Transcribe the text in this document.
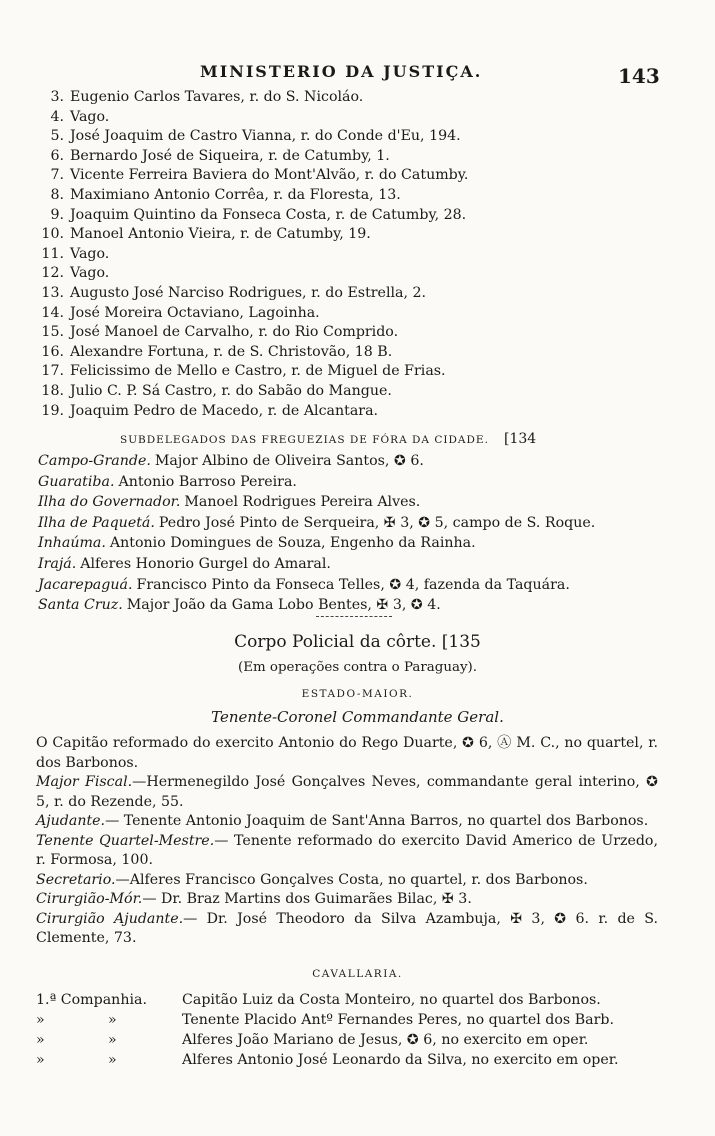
MINISTERIO DA JUSTIÇA.	143
3. Eugenio Carlos Tavares, r. do S. Nicoláo.
4. Vago.
5. José Joaquim de Castro Vianna, r. do Conde d'Eu, 194.
6. Bernardo José de Siqueira, r. de Catumby, 1.
7. Vicente Ferreira Baviera do Mont'Alvão, r. do Catumby.
8. Maximiano Antonio Corrêa, r. da Floresta, 13.
9. Joaquim Quintino da Fonseca Costa, r. de Catumby, 28.
10. Manoel Antonio Vieira, r. de Catumby, 19.
11. Vago.
12. Vago.
13. Augusto José Narciso Rodrigues, r. do Estrella, 2.
14. José Moreira Octaviano, Lagoinha.
15. José Manoel de Carvalho, r. do Rio Comprido.
16. Alexandre Fortuna, r. de S. Christovão, 18 B.
17. Felicissimo de Mello e Castro, r. de Miguel de Frias.
18. Julio C. P. Sá Castro, r. do Sabão do Mangue.
19. Joaquim Pedro de Macedo, r. de Alcantara.
SUBDELEGADOS DAS FREGUEZIAS DE FÓRA DA CIDADE. [134
Campo-Grande. Major Albino de Oliveira Santos, ✪ 6.
Guaratiba. Antonio Barroso Pereira.
Ilha do Governador. Manoel Rodrigues Pereira Alves.
Ilha de Paquetá. Pedro José Pinto de Serqueira, ✠ 3, ✪ 5, campo de S. Roque.
Inhaúma. Antonio Domingues de Souza, Engenho da Rainha.
Irajá. Alferes Honorio Gurgel do Amaral.
Jacarepaguá. Francisco Pinto da Fonseca Telles, ✪ 4, fazenda da Taquára.
Santa Cruz. Major João da Gama Lobo Bentes, ✠ 3, ✪ 4.
Corpo Policial da côrte. [135
(Em operações contra o Paraguay).
ESTADO-MAIOR.
Tenente-Coronel Commandante Geral.

O Capitão reformado do exercito Antonio do Rego Duarte, ✪ 6, Ⓐ M. C., no quartel, r. dos Barbonos.

Major Fiscal.—Hermenegildo José Gonçalves Neves, commandante geral interino, ✪ 5, r. do Rezende, 55.

Ajudante.— Tenente Antonio Joaquim de Sant'Anna Barros, no quartel dos Barbonos.

Tenente Quartel-Mestre.— Tenente reformado do exercito David Americo de Urzedo, r. Formosa, 100.

Secretario.—Alferes Francisco Gonçalves Costa, no quartel, r. dos Barbonos.

Cirurgião-Mór.— Dr. Braz Martins dos Guimarães Bilac, ✠ 3.

Cirurgião Ajudante.— Dr. José Theodoro da Silva Azambuja, ✠ 3, ✪ 6. r. de S. Clemente, 73.

CAVALLARIA.
1.ª Companhia. Capitão Luiz da Costa Monteiro, no quartel dos Barbonos.
»	»	Tenente Placido Antº Fernandes Peres, no quartel dos Barb.
»	»	Alferes João Mariano de Jesus, ✪ 6, no exercito em oper.
»	»	Alferes Antonio José Leonardo da Silva, no exercito em oper.
